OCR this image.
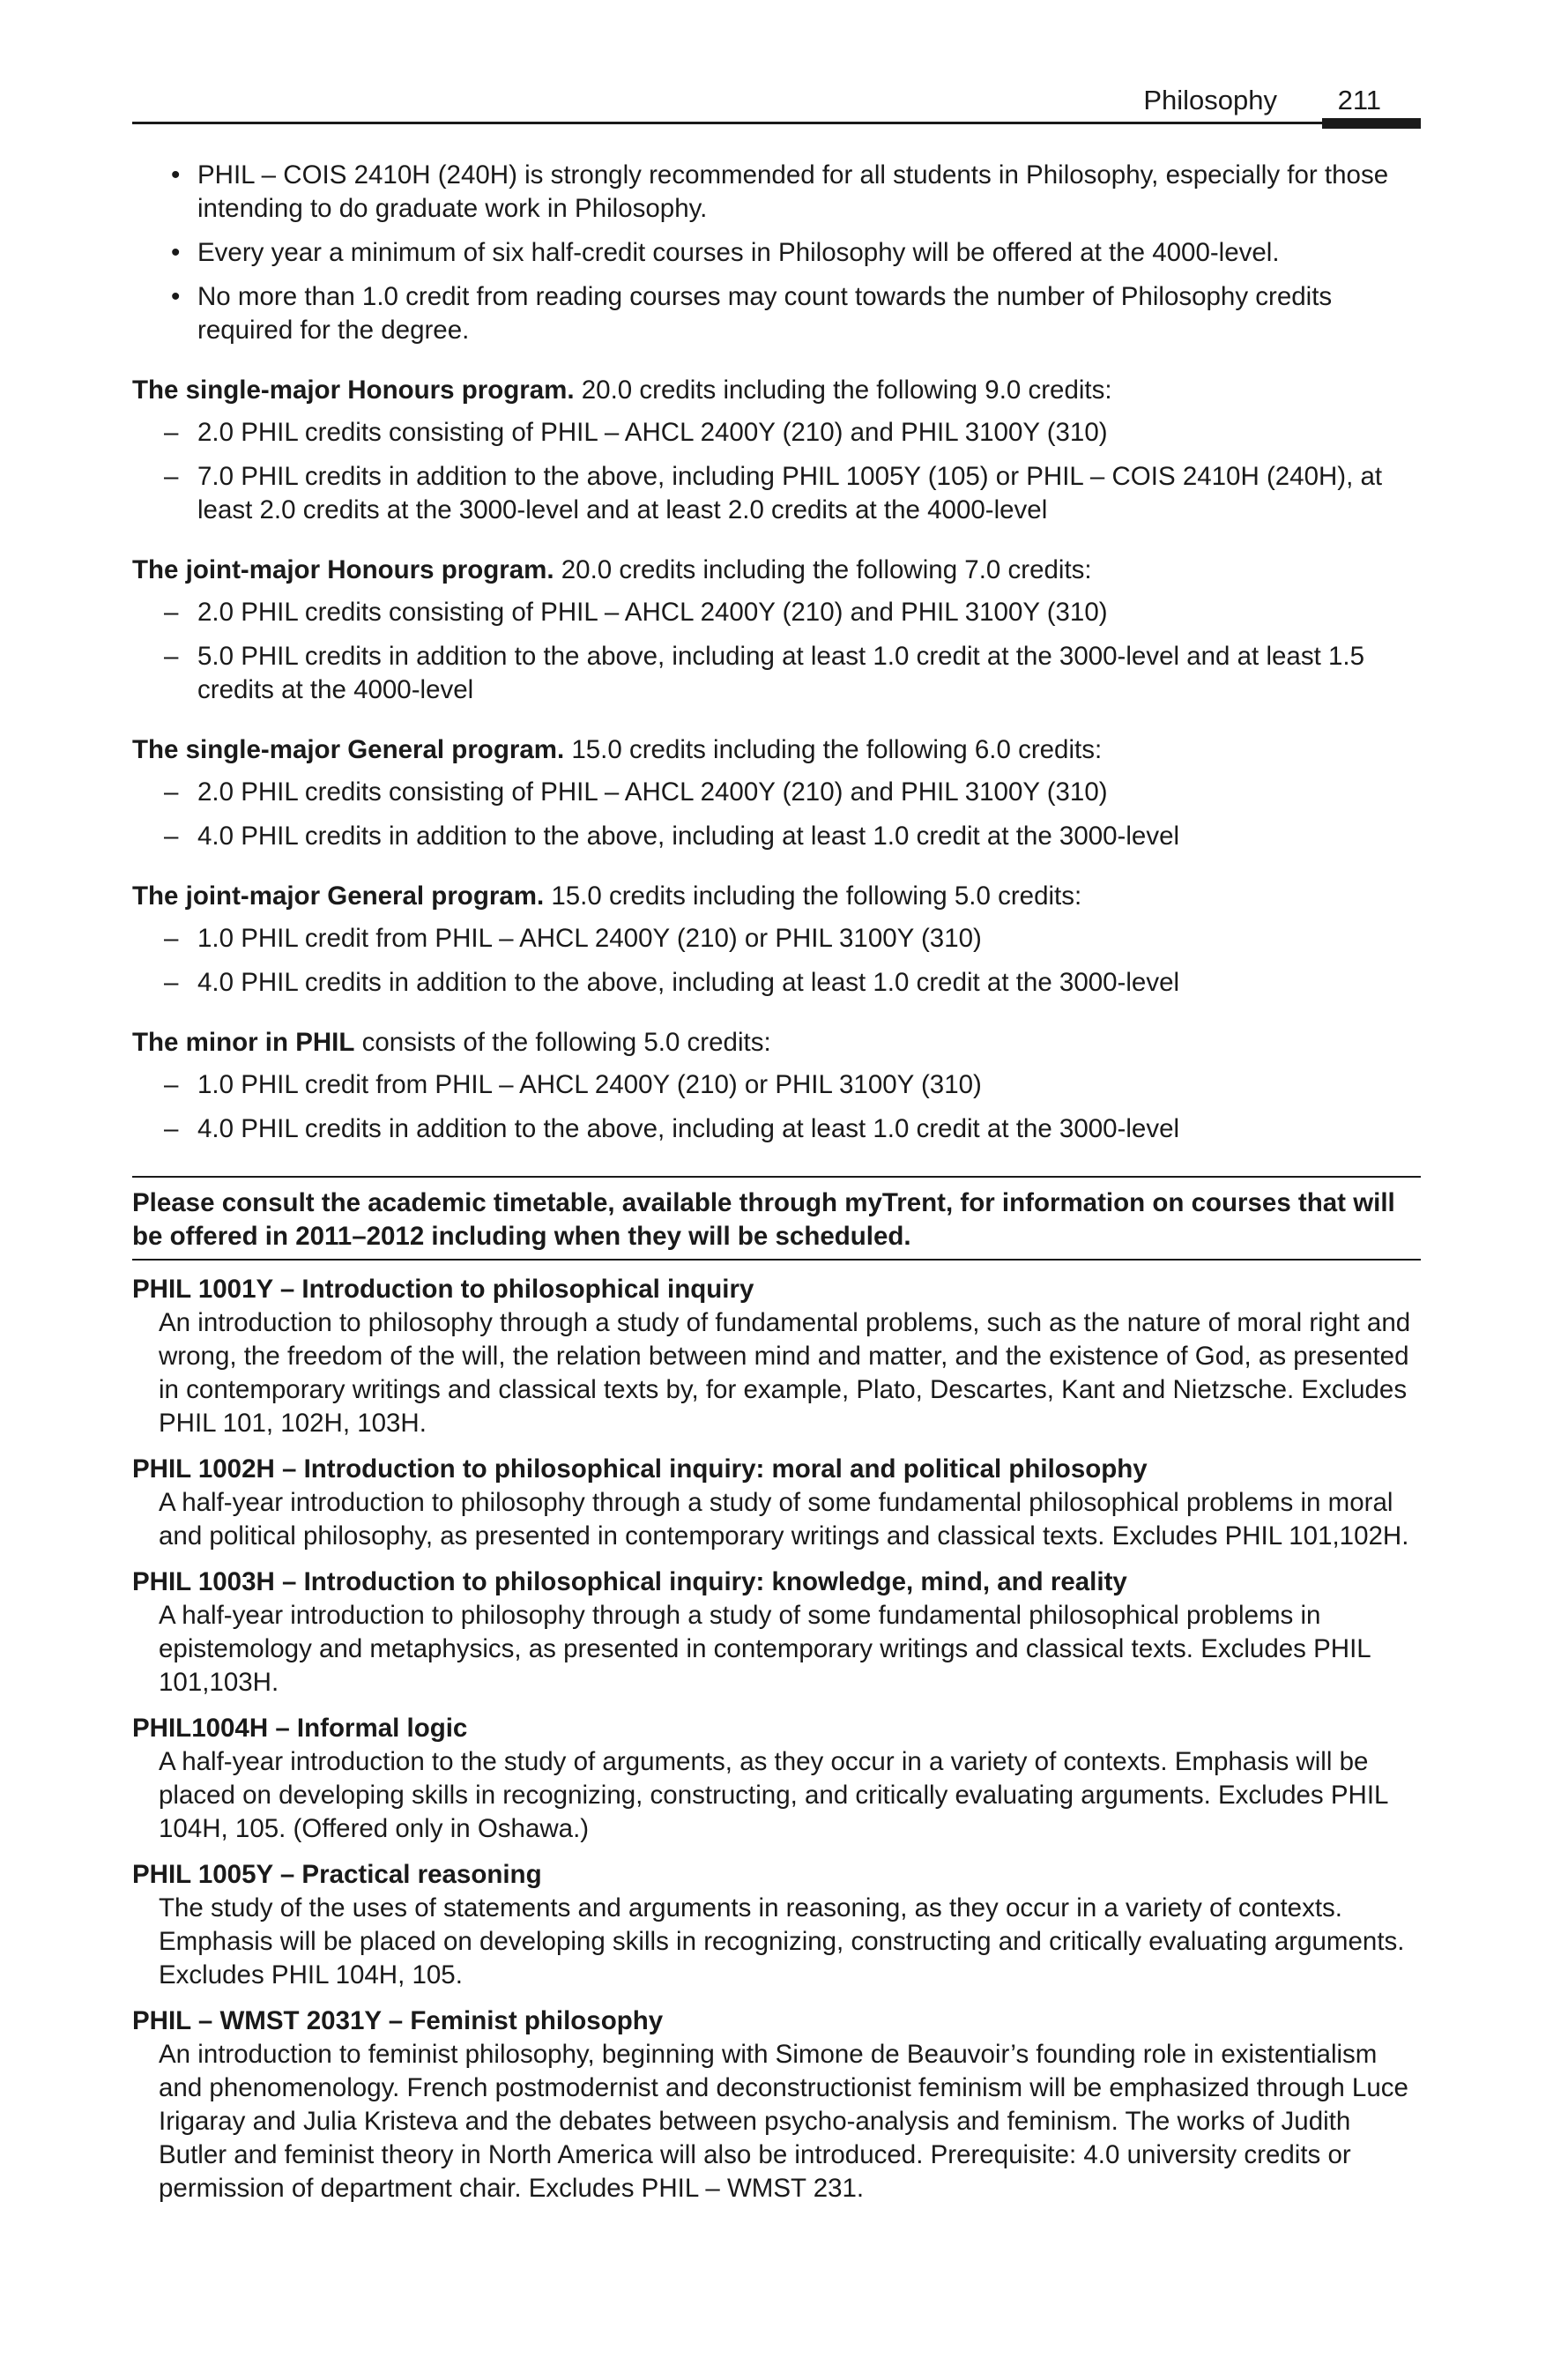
Philosophy 211
• PHIL – COIS 2410H (240H) is strongly recommended for all students in Philosophy, especially for those intending to do graduate work in Philosophy.
• Every year a minimum of six half-credit courses in Philosophy will be offered at the 4000-level.
• No more than 1.0 credit from reading courses may count towards the number of Philosophy credits required for the degree.
The single-major Honours program. 20.0 credits including the following 9.0 credits:
– 2.0 PHIL credits consisting of PHIL – AHCL 2400Y (210) and PHIL 3100Y (310)
– 7.0 PHIL credits in addition to the above, including PHIL 1005Y (105) or PHIL – COIS 2410H (240H), at least 2.0 credits at the 3000-level and at least 2.0 credits at the 4000-level
The joint-major Honours program. 20.0 credits including the following 7.0 credits:
– 2.0 PHIL credits consisting of PHIL – AHCL 2400Y (210) and PHIL 3100Y (310)
– 5.0 PHIL credits in addition to the above, including at least 1.0 credit at the 3000-level and at least 1.5 credits at the 4000-level
The single-major General program. 15.0 credits including the following 6.0 credits:
– 2.0 PHIL credits consisting of PHIL – AHCL 2400Y (210) and PHIL 3100Y (310)
– 4.0 PHIL credits in addition to the above, including at least 1.0 credit at the 3000-level
The joint-major General program. 15.0 credits including the following 5.0 credits:
– 1.0 PHIL credit from PHIL – AHCL 2400Y (210) or PHIL 3100Y (310)
– 4.0 PHIL credits in addition to the above, including at least 1.0 credit at the 3000-level
The minor in PHIL consists of the following 5.0 credits:
– 1.0 PHIL credit from PHIL – AHCL 2400Y (210) or PHIL 3100Y (310)
– 4.0 PHIL credits in addition to the above, including at least 1.0 credit at the 3000-level
Please consult the academic timetable, available through myTrent, for information on courses that will be offered in 2011–2012 including when they will be scheduled.
PHIL 1001Y – Introduction to philosophical inquiry
An introduction to philosophy through a study of fundamental problems, such as the nature of moral right and wrong, the freedom of the will, the relation between mind and matter, and the existence of God, as presented in contemporary writings and classical texts by, for example, Plato, Descartes, Kant and Nietzsche. Excludes PHIL 101, 102H, 103H.
PHIL 1002H – Introduction to philosophical inquiry: moral and political philosophy
A half-year introduction to philosophy through a study of some fundamental philosophical problems in moral and political philosophy, as presented in contemporary writings and classical texts. Excludes PHIL 101,102H.
PHIL 1003H – Introduction to philosophical inquiry: knowledge, mind, and reality
A half-year introduction to philosophy through a study of some fundamental philosophical problems in epistemology and metaphysics, as presented in contemporary writings and classical texts. Excludes PHIL 101,103H.
PHIL1004H – Informal logic
A half-year introduction to the study of arguments, as they occur in a variety of contexts. Emphasis will be placed on developing skills in recognizing, constructing, and critically evaluating arguments. Excludes PHIL 104H, 105. (Offered only in Oshawa.)
PHIL 1005Y – Practical reasoning
The study of the uses of statements and arguments in reasoning, as they occur in a variety of contexts. Emphasis will be placed on developing skills in recognizing, constructing and critically evaluating arguments. Excludes PHIL 104H, 105.
PHIL – WMST 2031Y – Feminist philosophy
An introduction to feminist philosophy, beginning with Simone de Beauvoir’s founding role in existentialism and phenomenology. French postmodernist and deconstructionist feminism will be emphasized through Luce Irigaray and Julia Kristeva and the debates between psycho-analysis and feminism. The works of Judith Butler and feminist theory in North America will also be introduced. Prerequisite: 4.0 university credits or permission of department chair. Excludes PHIL – WMST 231.
